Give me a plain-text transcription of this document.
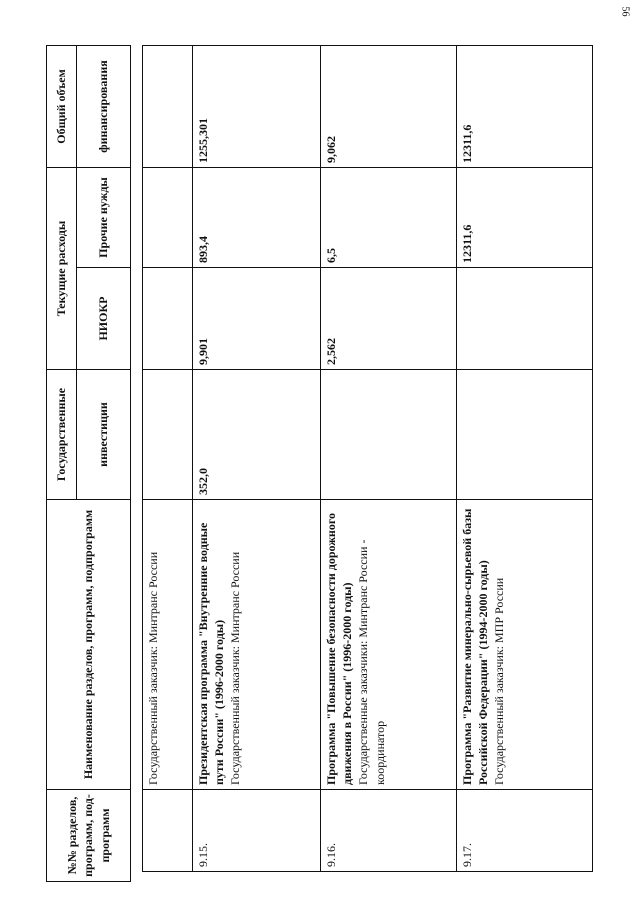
56
№№ разделов, программ, под-программ	Наименование разделов, программ, подпрограмм	Государственные	Текущие расходы		Общий объем
		инвестиции	НИОКР	Прочие нужды	финансирования

	Государственный заказчик: Минтранс России				

9.15.	Президентская программа "Внутренние водные пути России" (1996-2000 годы) Государственный заказчик: Минтранс России	352,0	9,901	893,4	1255,301
9.16.	Программа "Повышение безопасности дорожного движения в России" (1996-2000 годы) Государственные заказчики: Минтранс России - координатор		2,562	6,5	9,062
9.17.	Программа "Развитие минерально-сырьевой базы Российской Федерации" (1994-2000 годы) Государственный заказчик: МПР России			12311,6	12311,6
